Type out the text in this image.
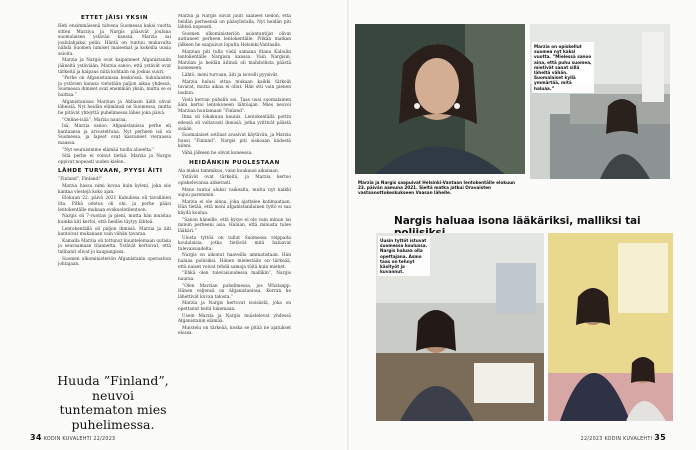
ETTET JÄISI YKSIN

Heti ensimmäisenä talvena Suomessa kaksi vuotta sitten Marziya ja Nargis pääsivät jouluna suomalaisen ystävän kanssa. Marzia sai joululahjaksi pelin. Häntä on tuntuu mukavalta nähdä Suomen lumiset maisemat ja kokeilla uusia asioita.

Marzia ja Nargis ovat kaipanneet Afganistaniin jääneitä ystäviään. Marzia sanoo, että ystävät ovat tärkeitä ja kaipaus niitä kohtaan on joskus suuri.

”Perhe on Afganistanissa keskiössä. Sukulaisten ja ystävien kanssa vietetään paljon aikaa yhdessä. Suomessa ihmiset ovat enemmän yksin, mutta se ei haittaa.”

Afganistanissa Marzian ja Abbasin äidit olivat läheisiä. Nyt heidän elämänsä on Suomessa, mutta he pitävät yhteyttä puhelimessa lähes joka päivä.

”Online-isää”, Marzia nauraa.

Isä, Marzia sanoo. Afganistanissa perhe eli kantaansa ja arvostettuna. Nyt perheen isä on Suomessa, ja lapset ovat kasvaneet vieraassa maassa.

”Nyt seuraisimme elämää tuolla alueelta.”

Sitä perhe ei voinut tietää. Marzia ja Nargis oppivat nopeasti uuden kielen.

LÄHDE TURVAAN, PYYSI ÄITI

”Finland”, Finland!”

Marzia hassu nimi kovaa kuin kyleni, joka siis kantaa viestejä koko ajan.

Elokuun 22. päivä 2021 Kabulissa oli tavallinen ilta. Pitkä odotus oli ohi, ja perhe pääsi lentokentälle mukaan evakuointilentoon.

Nargis oli 7-vuotias ja pieni, mutta hän muistaa kuinka äiti kertoi, että heidän täytyy lähteä.

Lentokentällä oli paljon ihmisiä. Marzia ja äiti kantoivat mukanaan vain vähän tavaraa.

Kamalla Marzia oli tottunut kuuntelemaan uutisia ja seuraamaan tilannetta. Ystävät kertoivat, että talibanit olivat jo kaupungissa.

Suomen ulkoministeriön Afganistanin operaation johtajaan.

Huuda ”Finland”, neuvoi tuntematon mies puhelimessa.

Marzia ja Nargis olivat juuri saaneet tiedon, että heidän perheensä on pääsylistalla. Nyt heidän piti lähteä nopeasti.

Suomen ulkoministeriön asiantuntijat olivat auttaneet perheen lentokentälle. Pitkän matkan jälkeen he saapuivat lopulta Helsinki-Vantaalle.

Marzian piti tulla vielä samana iltana Kabulin lentokentälle Nargisin kanssa. Vain Nargisin, Marzian ja heidän äitinsä oli mahdollista päästä koneeseen.

Lähtö, meni turvaan, äiti ja isovelli pyysivät.

Marzia halusi ottaa mukaan kaikki tärkeät tavarat, mutta aikaa ei ollut. Hän otti vain pienen laukun.

Vielä kerran puhelin soi. Taas uusi suomalainen ääni kertoi lentokoneen lähtöajan. Mies neuvoi Marziaa huutamaan ”Finland”.

Ilma oli lokakuun kaunis. Lentokentällä portin edessä oli valtavasti ihmisiä, jotka yrittivät päästä sisään.

Suomalaiset sotilaat avasivat käytävän, ja Marzia huusi ”Finland”. Nargis piti siskoaan kädestä kiinni.

Vähä jälkeen he olivat koneessa.

HEIDÄNKIN PUOLESTAAN

Ala maksi tammikuu, vaan kuukausi aikanaan.

Ystävät ovat tärkeitä, ja Marzia kertoo opiskelevansa ahkerasti.

Meno tuntui aluksi vaikealta, mutta nyt kaikki sujuu paremmin.

Marzia ei ole ainoa, joka ajattelee kotimaataan. Hän tietää, että moni afganistanilainen tyttö ei saa käydä koulua.

”Sanon häneille, että kysye ei ole vain minun tai minun perheeni asia. Haluan, että minusta tulee lääkäri.”

Ulosta tyttöä on tullut Suomessa reippaita koululaisia, jotka tietävät mitä haluavat tulevaisuudelta.

Nargis on aikonut haaveilla ammatistaan. Hän haluaa poliisiksi. Hänen mielestään on tärkeää, että naiset voivat tehdä samoja töitä kuin miehet.

”Ehkä olen tulevaisuudessa mallikin”, Nargis nauraa.

”Olen Marzian puhelimessa, jos Whatsapp. Hänen veljensä on Afganistanissa. Kerran he lähettivät kuvan talosta.”

Marzia ja Nargis kertovat isoisästä, joka on opettanut heitä lukemaan.

Usein Marzia ja Nargis muistelevat yhdessä Afganistanin elämää.

Muistelu on tärkeää, koska se pitää ne ajatukset elossa.

34 KODIN KUVALEHTI 22/2023
Marzia ja Nargis saapuivat Helsinki-Vantaan lentokentälle elokuun 23. päivän aamuna 2021. Sieltä matka jatkui Oravaisten vastaanottokeskukseen Vaasan lähelle.
Marzia on opiskellut suomea nyt kaksi vuotta. ”Mielessä sanoo aina, että puhu suomea, mietivät sanat sillä läheltä vähän. Suomalaiset kyllä ymmärtää, mitä haluaa.”
Nargis haluaa isona lääkäriksi, malliksi tai
Uusin tyttöt istuvat suomessa koulussa. Nargis haluaa olla opettajana. Asmo taas on tehnyt käsityöt ja kuvannut.
22/2023 KODIN KUVALEHTI 35
